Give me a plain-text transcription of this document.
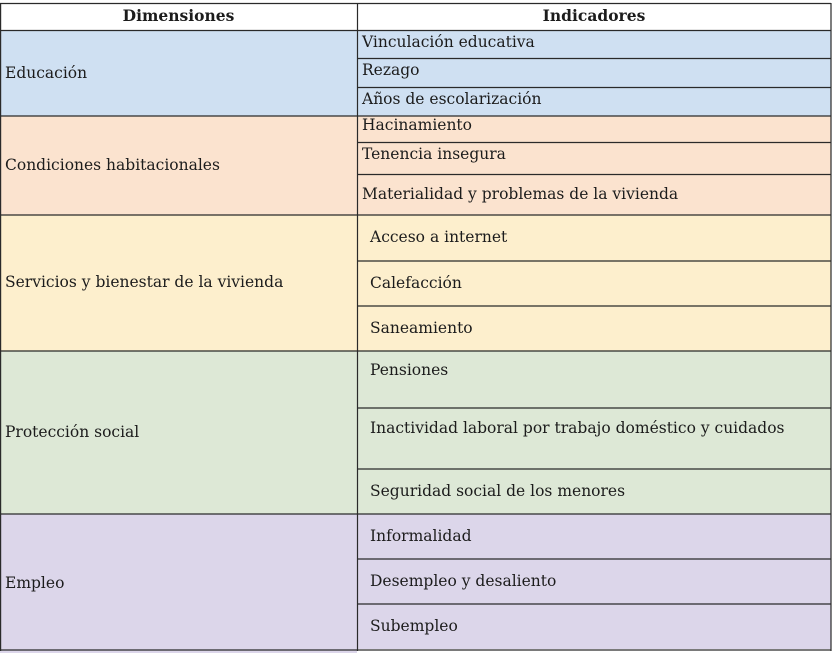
Dimensiones	Indicadores
Educación
Vinculación educativa
Rezago
Años de escolarización
Condiciones habitacionales
Hacinamiento
Tenencia insegura
Materialidad y problemas de la vivienda
Servicios y bienestar de la vivienda
Acceso a internet
Calefacción
Saneamiento
Protección social
Pensiones
Inactividad laboral por trabajo doméstico y cuidados
Seguridad social de los menores
Empleo
Informalidad
Desempleo y desaliento
Subempleo
